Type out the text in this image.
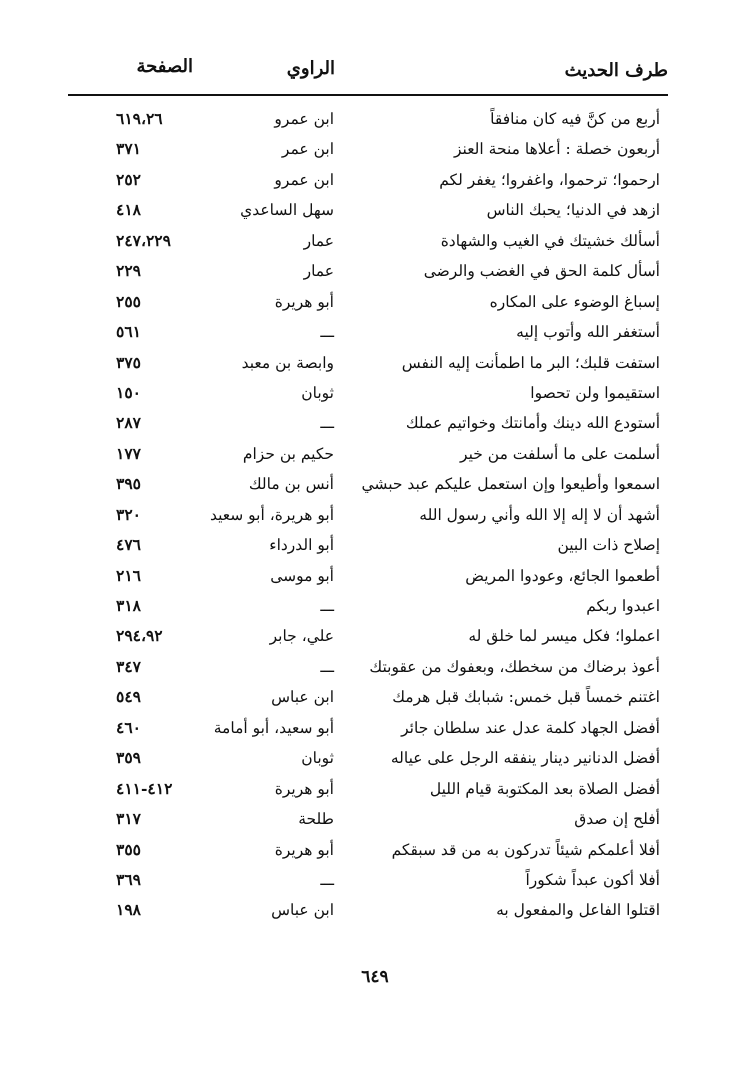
طرف الحديث
الراوي
الصفحة
أربع من كنَّ فيه كان منافقاً
ابن عمرو
٦١٩،٢٦
أربعون خصلة : أعلاها منحة العنز
ابن عمر
٣٧١
ارحموا؛ ترحموا، واغفروا؛ يغفر لكم
ابن عمرو
٢٥٢
ازهد في الدنيا؛ يحبك الناس
سهل الساعدي
٤١٨
أسألك خشيتك في الغيب والشهادة
عمار
٢٤٧،٢٢٩
أسأل كلمة الحق في الغضب والرضى
عمار
٢٢٩
إسباغ الوضوء على المكاره
أبو هريرة
٢٥٥
أستغفر الله وأتوب إليه
ـــ
٥٦١
استفت قلبك؛ البر ما اطمأنت إليه النفس
وابصة بن معبد
٣٧٥
استقيموا ولن تحصوا
ثوبان
١٥٠
أستودع الله دينك وأمانتك وخواتيم عملك
ـــ
٢٨٧
أسلمت على ما أسلفت من خير
حكيم بن حزام
١٧٧
اسمعوا وأطيعوا وإن استعمل عليكم عبد حبشي
أنس بن مالك
٣٩٥
أشهد أن لا إله إلا الله وأني رسول الله
أبو هريرة، أبو سعيد
٣٢٠
إصلاح ذات البين
أبو الدرداء
٤٧٦
أطعموا الجائع، وعودوا المريض
أبو موسى
٢١٦
اعبدوا ربكم
ـــ
٣١٨
اعملوا؛ فكل ميسر لما خلق له
علي، جابر
٢٩٤،٩٢
أعوذ برضاك من سخطك، وبعفوك من عقوبتك
ـــ
٣٤٧
اغتنم خمساً قبل خمس: شبابك قبل هرمك
ابن عباس
٥٤٩
أفضل الجهاد كلمة عدل عند سلطان جائر
أبو سعيد، أبو أمامة
٤٦٠
أفضل الدنانير دينار ينفقه الرجل على عياله
ثوبان
٣٥٩
أفضل الصلاة بعد المكتوبة قيام الليل
أبو هريرة
٤١٢-٤١١
أفلح إن صدق
طلحة
٣١٧
أفلا أعلمكم شيئاً تدركون به من قد سبقكم
أبو هريرة
٣٥٥
أفلا أكون عبداً شكوراً
ـــ
٣٦٩
اقتلوا الفاعل والمفعول به
ابن عباس
١٩٨
٦٤٩
